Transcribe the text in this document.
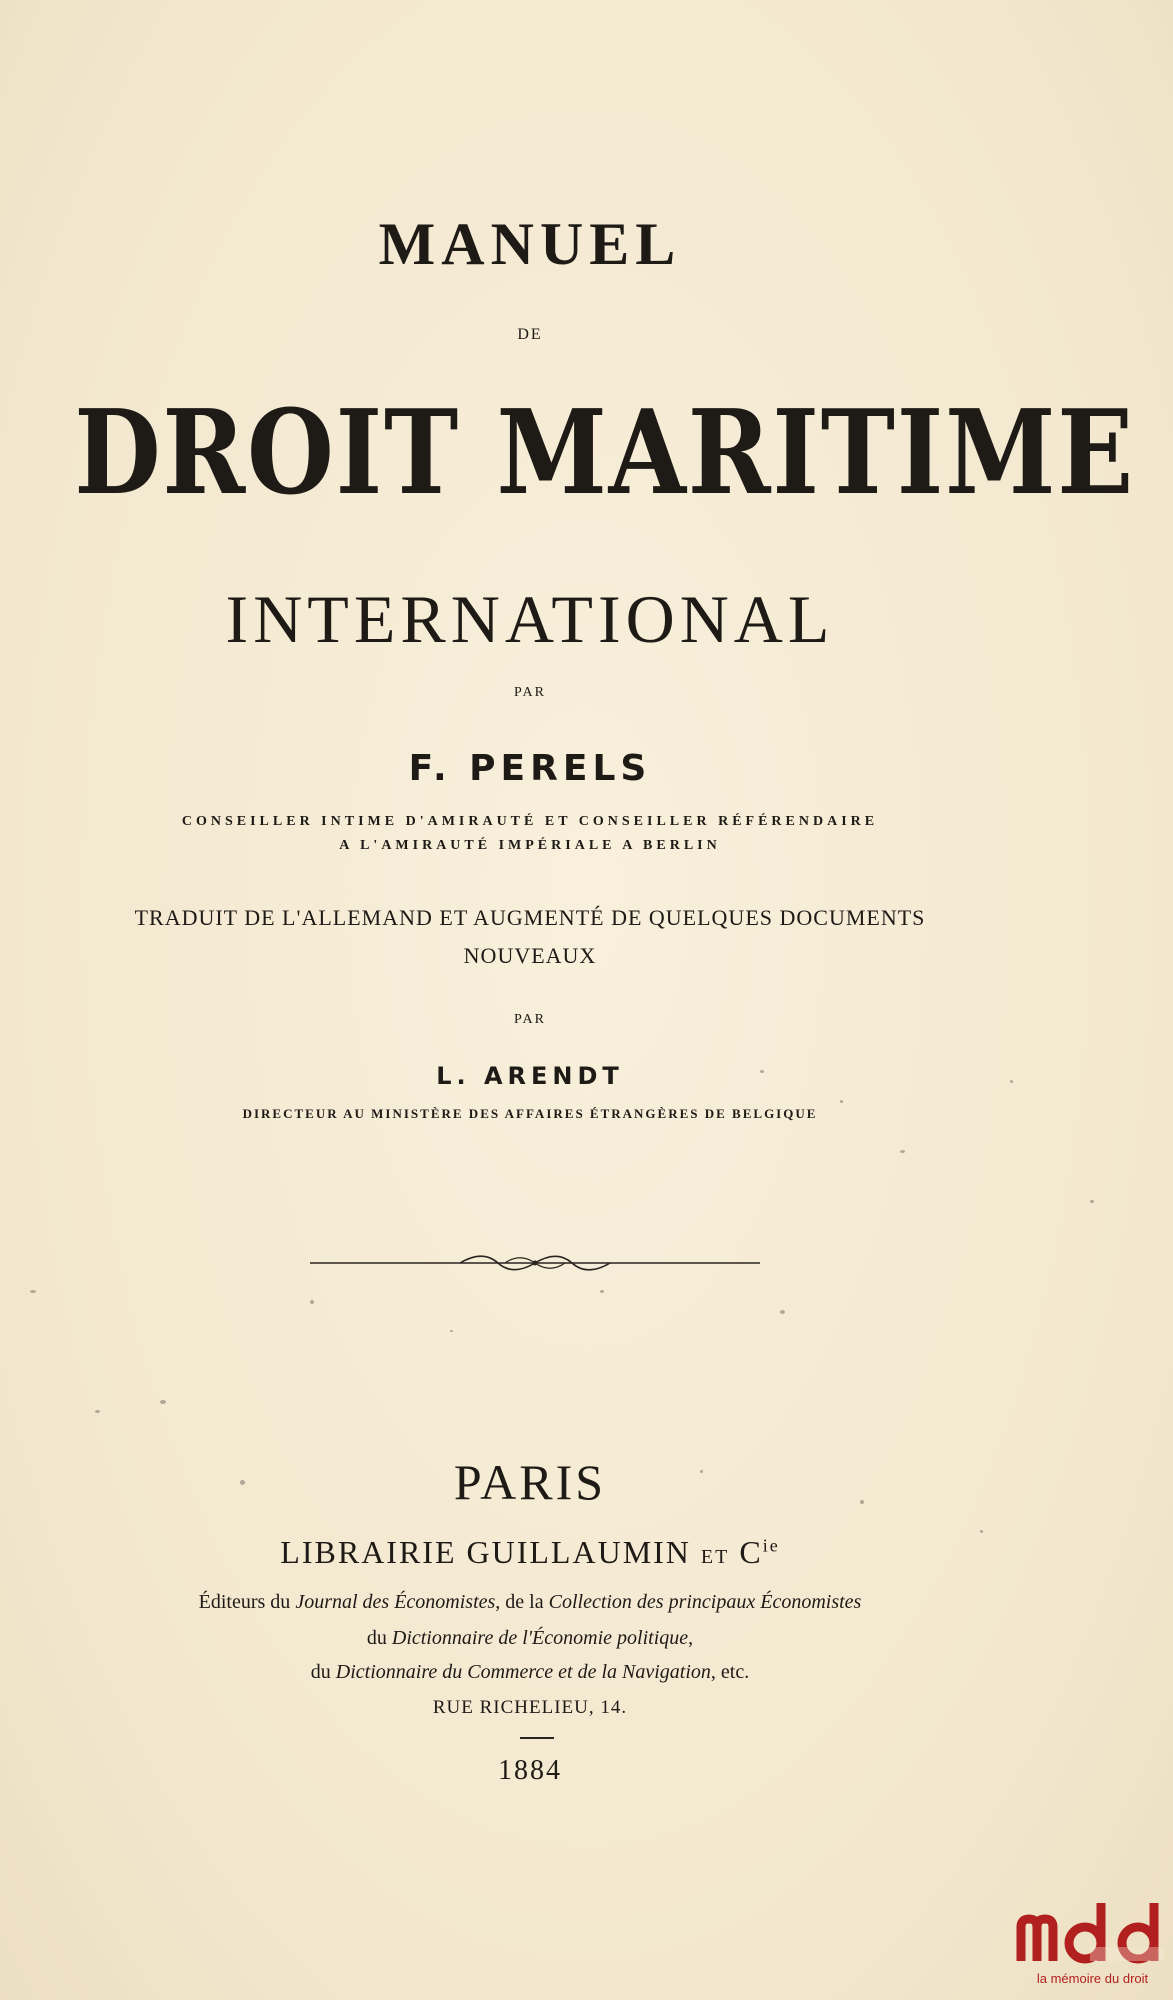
MANUEL
DE
DROIT MARITIME
INTERNATIONAL
PAR
F. PERELS
CONSEILLER INTIME D'AMIRAUTÉ ET CONSEILLER RÉFÉRENDAIRE
A L'AMIRAUTÉ IMPÉRIALE A BERLIN
TRADUIT DE L'ALLEMAND ET AUGMENTÉ DE QUELQUES DOCUMENTS
NOUVEAUX
PAR
L. ARENDT
DIRECTEUR AU MINISTÈRE DES AFFAIRES ÉTRANGÈRES DE BELGIQUE
PARIS
LIBRAIRIE GUILLAUMIN ET $C^{ie}$
Éditeurs du Journal des Économistes, de la Collection des principaux Économistes
du Dictionnaire de l'Économie politique,
du Dictionnaire du Commerce et de la Navigation, etc.
RUE RICHELIEU, 14.
1884
la mémoire du droit
